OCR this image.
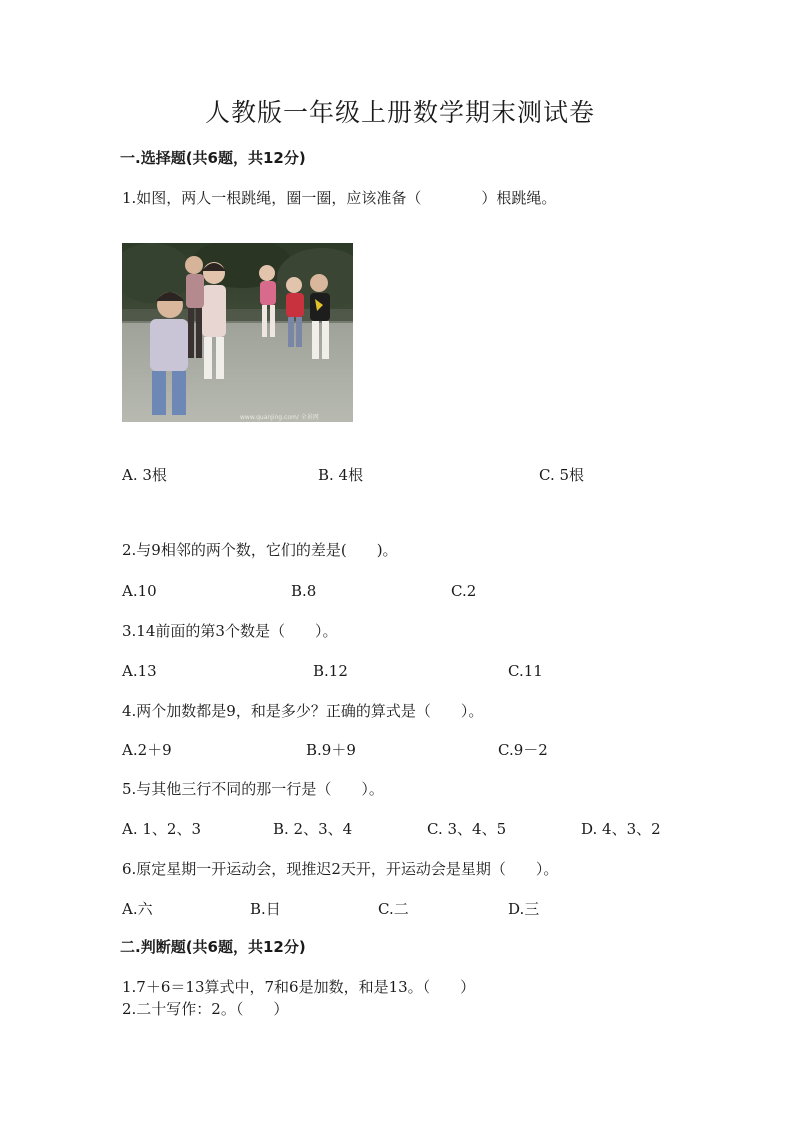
人教版一年级上册数学期末测试卷
一.选择题(共6题，共12分)
1.如图，两人一根跳绳，圈一圈，应该准备（　　　　）根跳绳。
www.quanjing.com/ 全景网
A. 3根	B. 4根	C. 5根
2.与9相邻的两个数，它们的差是(　　)。
A.10	B.8	C.2
3.14前面的第3个数是（　　）。
A.13	B.12	C.11
4.两个加数都是9，和是多少？正确的算式是（　　）。
A.2＋9	B.9＋9	C.9－2
5.与其他三行不同的那一行是（　　）。
A. 1、2、3	B. 2、3、4	C. 3、4、5	D. 4、3、2
6.原定星期一开运动会，现推迟2天开，开运动会是星期（　　）。
A.六	B.日	C.二	D.三
二.判断题(共6题，共12分)
1.7＋6＝13算式中，7和6是加数，和是13。（　　）
2.二十写作：2。（　　）
